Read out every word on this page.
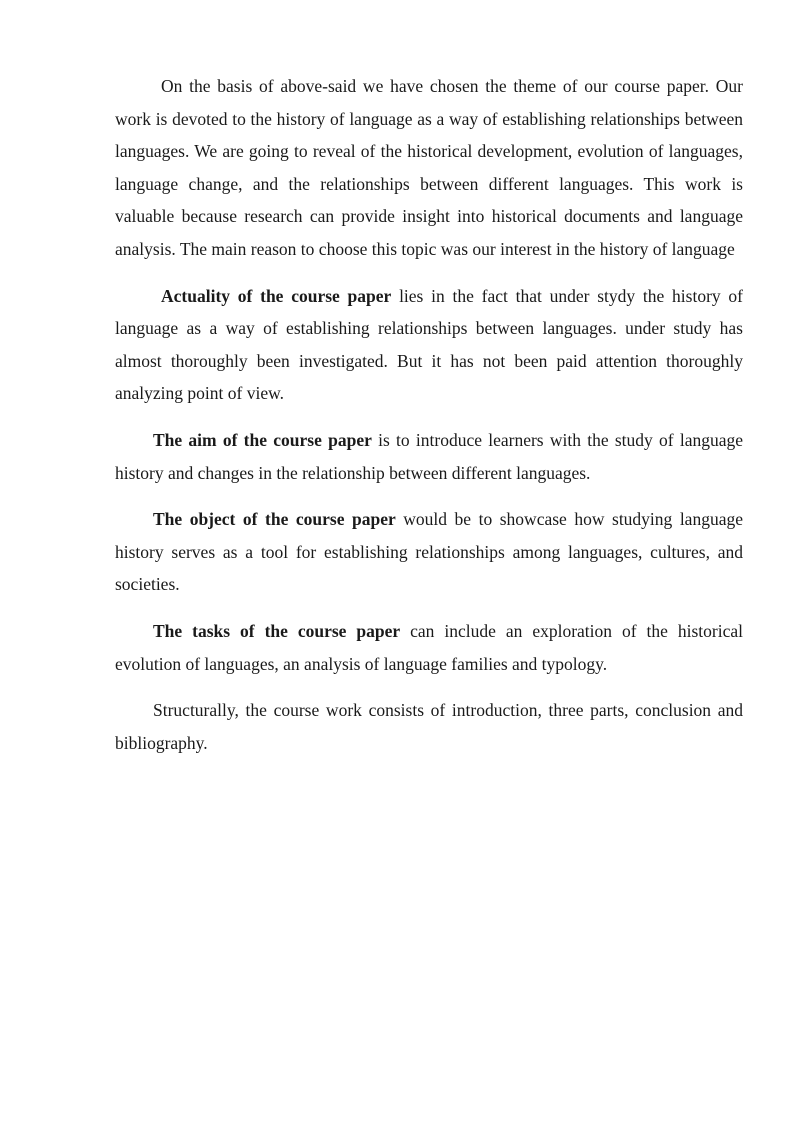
On the basis of above-said we have chosen the theme of our course paper. Our work is devoted to the history of language as a way of establishing relationships between languages. We are going to reveal of the historical development, evolution of languages, language change, and the relationships between different languages. This work is valuable because research can provide insight into historical documents and language analysis. The main reason to choose this topic was our interest in the history of language

Actuality of the course paper lies in the fact that under stydy the history of language as a way of establishing relationships between languages. under study has almost thoroughly been investigated. But it has not been paid attention thoroughly analyzing point of view.

The aim of the course paper is to introduce learners with the study of language history and changes in the relationship between different languages.

The object of the course paper would be to showcase how studying language history serves as a tool for establishing relationships among languages, cultures, and societies.

The tasks of the course paper can include an exploration of the historical evolution of languages, an analysis of language families and typology.

Structurally, the course work consists of introduction, three parts, conclusion and bibliography.
